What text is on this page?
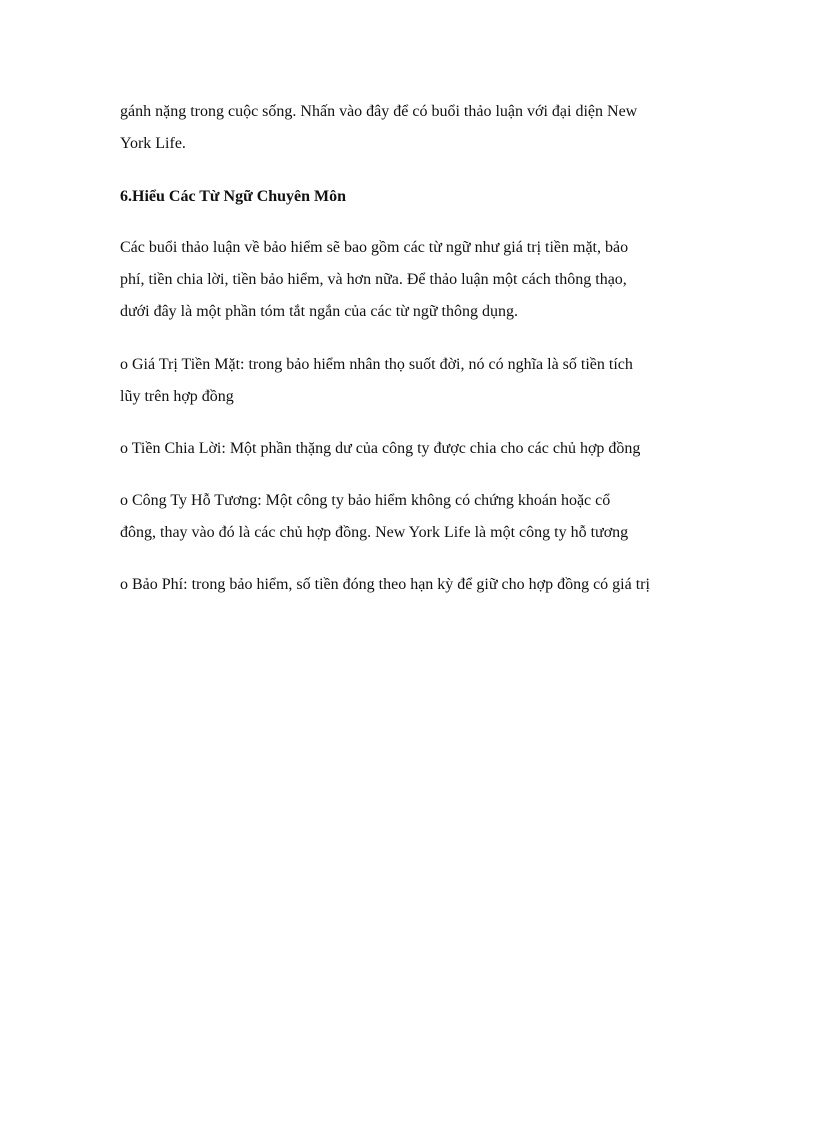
gánh nặng trong cuộc sống. Nhấn vào đây để có buổi thảo luận với đại diện New
York Life.
6.Hiểu Các Từ Ngữ Chuyên Môn
Các buổi thảo luận về bảo hiểm sẽ bao gồm các từ ngữ như giá trị tiền mặt, bảo
phí, tiền chia lời, tiền bảo hiểm, và hơn nữa. Để thảo luận một cách thông thạo,
dưới đây là một phần tóm tắt ngắn của các từ ngữ thông dụng.
o Giá Trị Tiền Mặt: trong bảo hiểm nhân thọ suốt đời, nó có nghĩa là số tiền tích
lũy trên hợp đồng
o Tiền Chia Lời: Một phần thặng dư của công ty được chia cho các chủ hợp đồng
o Công Ty Hỗ Tương: Một công ty bảo hiểm không có chứng khoán hoặc cổ
đông, thay vào đó là các chủ hợp đồng. New York Life là một công ty hỗ tương
o Bảo Phí: trong bảo hiểm, số tiền đóng theo hạn kỳ để giữ cho hợp đồng có giá trị
